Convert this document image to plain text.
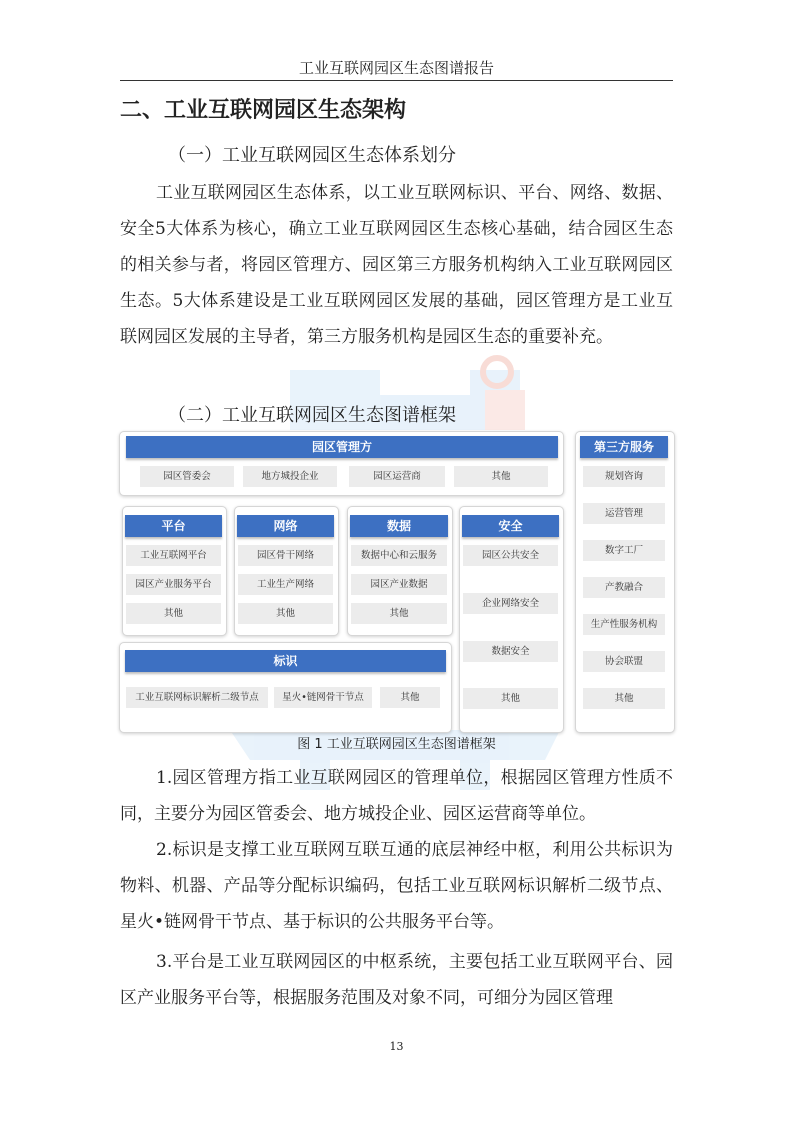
工业互联网园区生态图谱报告
二、工业互联网园区生态架构
（一）工业互联网园区生态体系划分

工业互联网园区生态体系，以工业互联网标识、平台、网络、数据、安全5大体系为核心，确立工业互联网园区生态核心基础，结合园区生态的相关参与者，将园区管理方、园区第三方服务机构纳入工业互联网园区生态。5大体系建设是工业互联网园区发展的基础，园区管理方是工业互联网园区发展的主导者，第三方服务机构是园区生态的重要补充。

（二）工业互联网园区生态图谱框架
园区管理方
园区管委会	地方城投企业	园区运营商	其他
平台
工业互联网平台
园区产业服务平台
其他
网络
园区骨干网络
工业生产网络
其他
数据
数据中心和云服务
园区产业数据
其他
安全
园区公共安全
企业网络安全
数据安全
其他
标识
工业互联网标识解析二级节点	星火•链网骨干节点	其他
第三方服务
规划咨询
运营管理
数字工厂
产教融合
生产性服务机构
协会联盟
其他
图 1 工业互联网园区生态图谱框架

1.园区管理方指工业互联网园区的管理单位，根据园区管理方性质不同，主要分为园区管委会、地方城投企业、园区运营商等单位。

2.标识是支撑工业互联网互联互通的底层神经中枢，利用公共标识为物料、机器、产品等分配标识编码，包括工业互联网标识解析二级节点、星火•链网骨干节点、基于标识的公共服务平台等。

3.平台是工业互联网园区的中枢系统，主要包括工业互联网平台、园区产业服务平台等，根据服务范围及对象不同，可细分为园区管理

13
